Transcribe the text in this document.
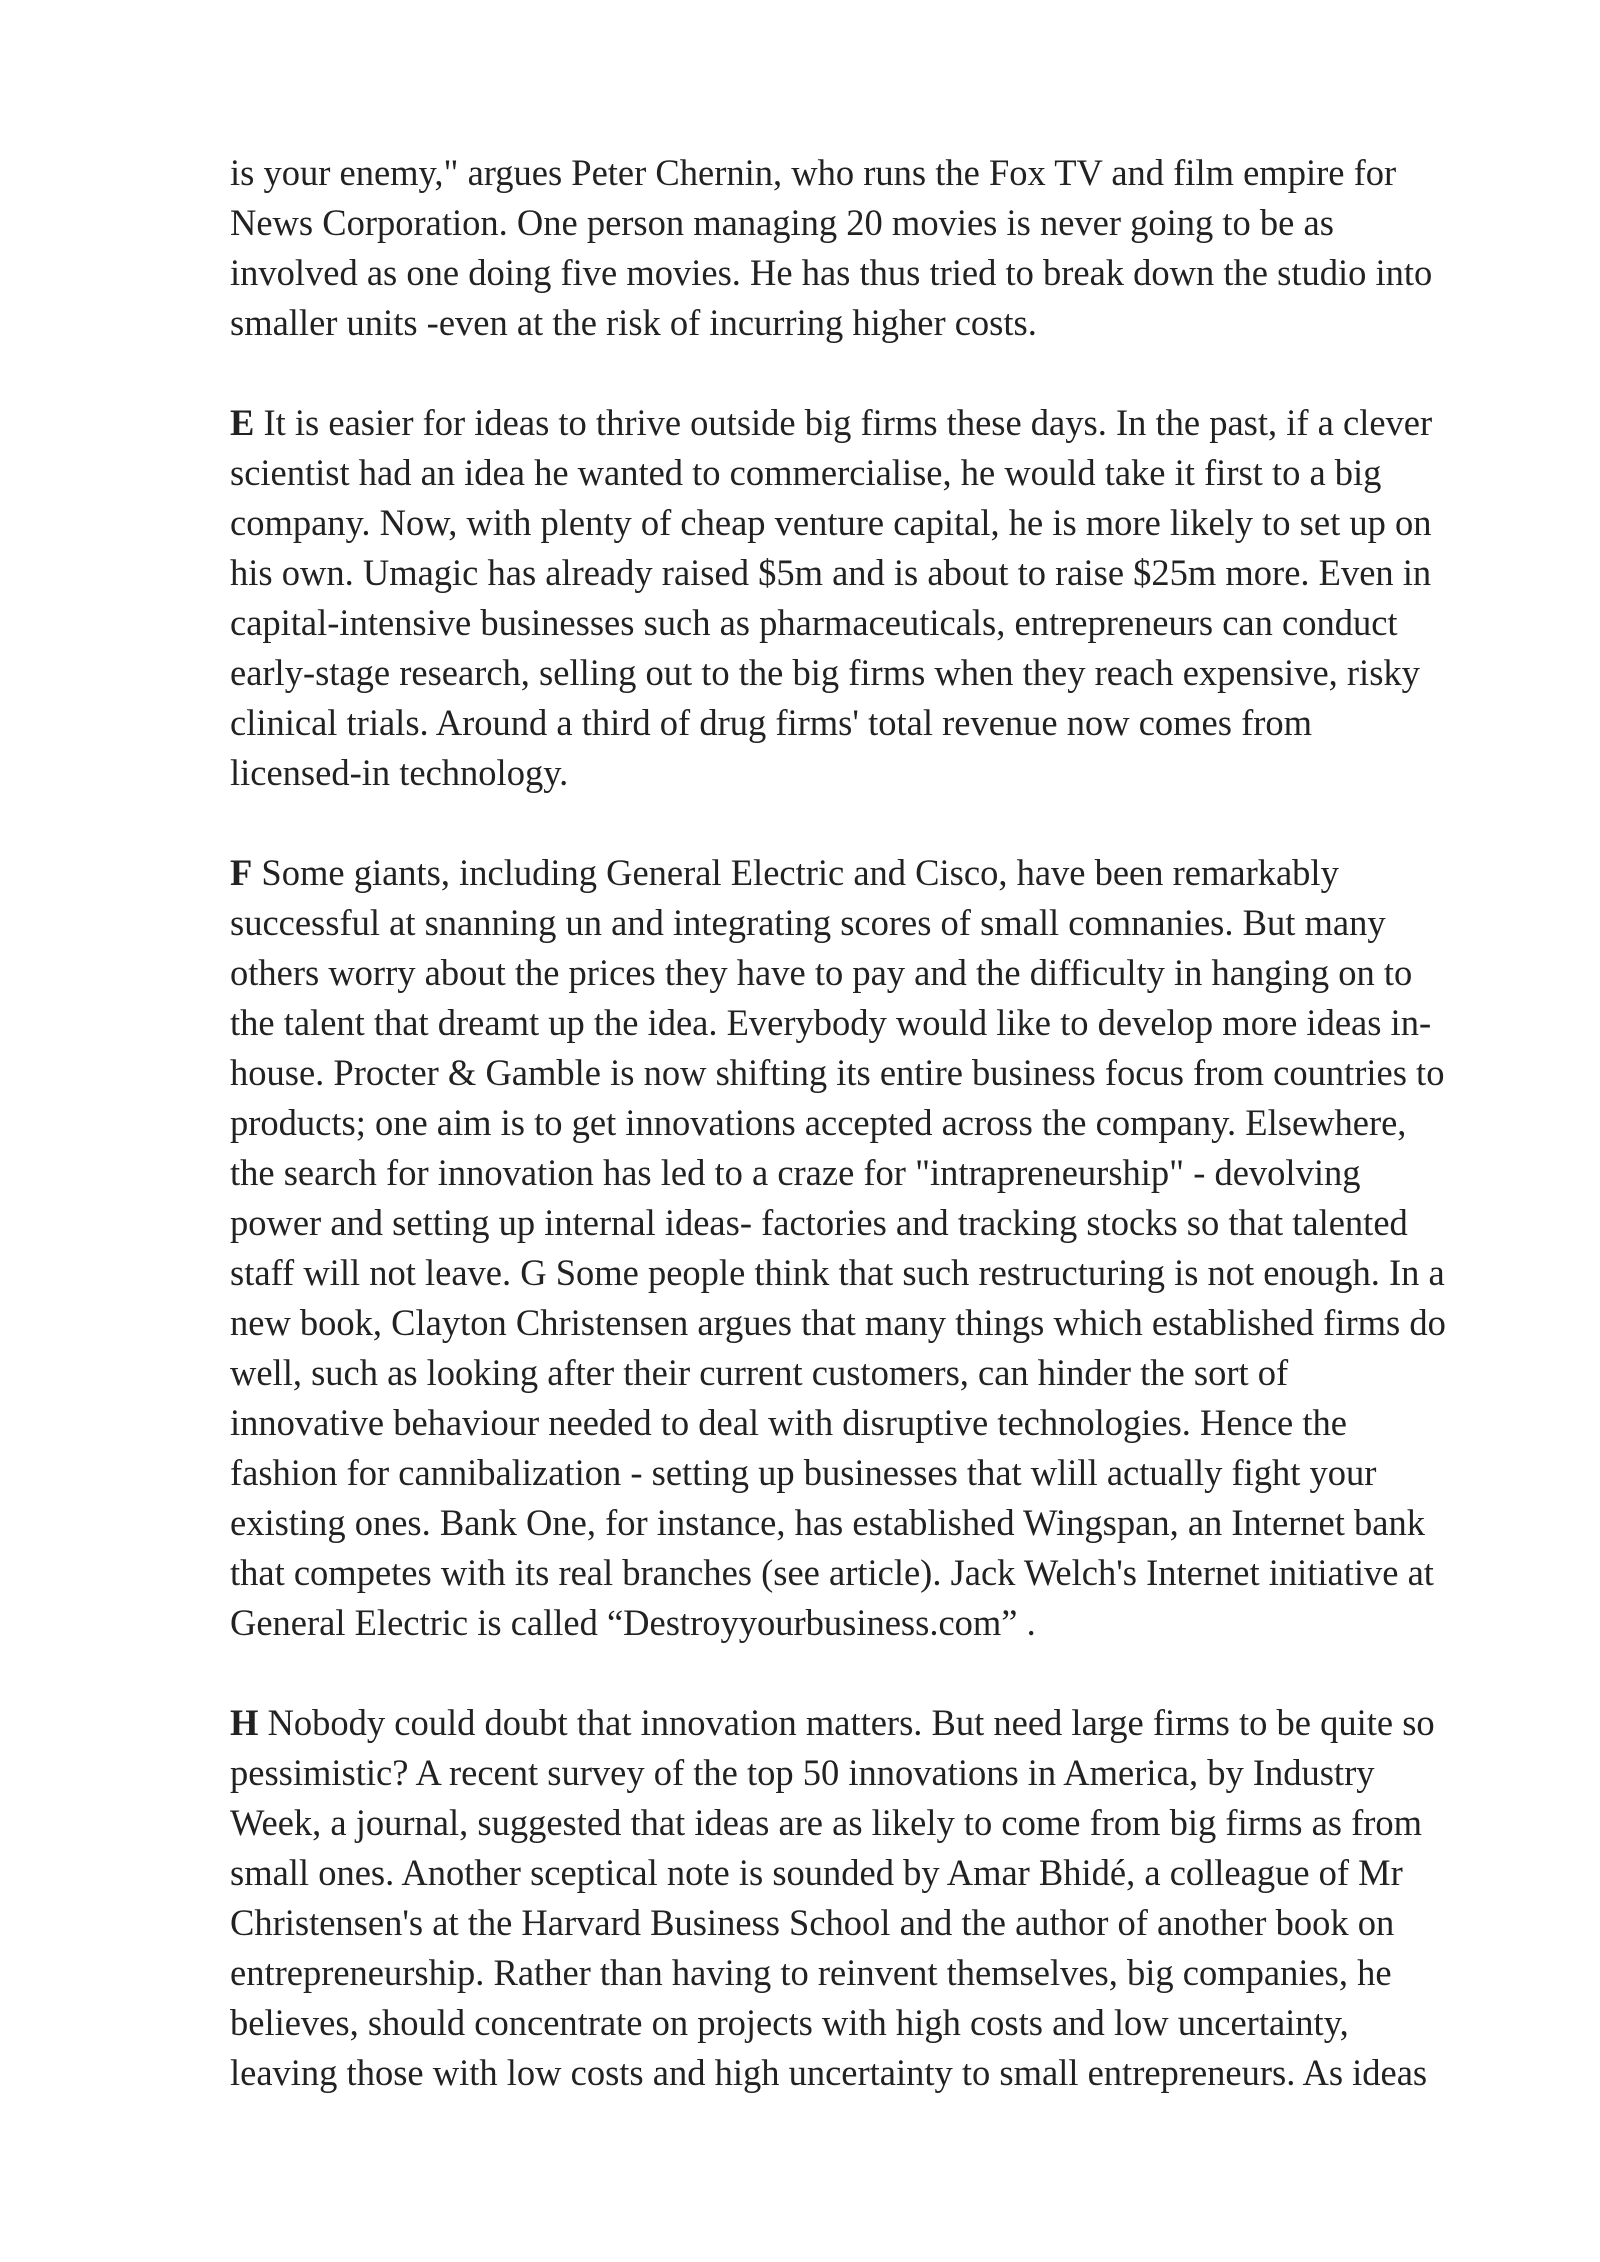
is your enemy," argues Peter Chernin, who runs the Fox TV and film empire for
News Corporation. One person managing 20 movies is never going to be as
involved as one doing five movies. He has thus tried to break down the studio into
smaller units -even at the risk of incurring higher costs.

E It is easier for ideas to thrive outside big firms these days. In the past, if a clever
scientist had an idea he wanted to commercialise, he would take it first to a big
company. Now, with plenty of cheap venture capital, he is more likely to set up on
his own. Umagic has already raised $5m and is about to raise $25m more. Even in
capital-intensive businesses such as pharmaceuticals, entrepreneurs can conduct
early-stage research, selling out to the big firms when they reach expensive, risky
clinical trials. Around a third of drug firms' total revenue now comes from
licensed-in technology.

F Some giants, including General Electric and Cisco, have been remarkably
successful at snanning un and integrating scores of small comnanies. But many
others worry about the prices they have to pay and the difficulty in hanging on to
the talent that dreamt up the idea. Everybody would like to develop more ideas in-
house. Procter & Gamble is now shifting its entire business focus from countries to
products; one aim is to get innovations accepted across the company. Elsewhere,
the search for innovation has led to a craze for "intrapreneurship" - devolving
power and setting up internal ideas- factories and tracking stocks so that talented
staff will not leave. G Some people think that such restructuring is not enough. In a
new book, Clayton Christensen argues that many things which established firms do
well, such as looking after their current customers, can hinder the sort of
innovative behaviour needed to deal with disruptive technologies. Hence the
fashion for cannibalization - setting up businesses that wlill actually fight your
existing ones. Bank One, for instance, has established Wingspan, an Internet bank
that competes with its real branches (see article). Jack Welch's Internet initiative at
General Electric is called “Destroyyourbusiness.com” .

H Nobody could doubt that innovation matters. But need large firms to be quite so
pessimistic? A recent survey of the top 50 innovations in America, by Industry
Week, a journal, suggested that ideas are as likely to come from big firms as from
small ones. Another sceptical note is sounded by Amar Bhidé, a colleague of Mr
Christensen's at the Harvard Business School and the author of another book on
entrepreneurship. Rather than having to reinvent themselves, big companies, he
believes, should concentrate on projects with high costs and low uncertainty,
leaving those with low costs and high uncertainty to small entrepreneurs. As ideas
